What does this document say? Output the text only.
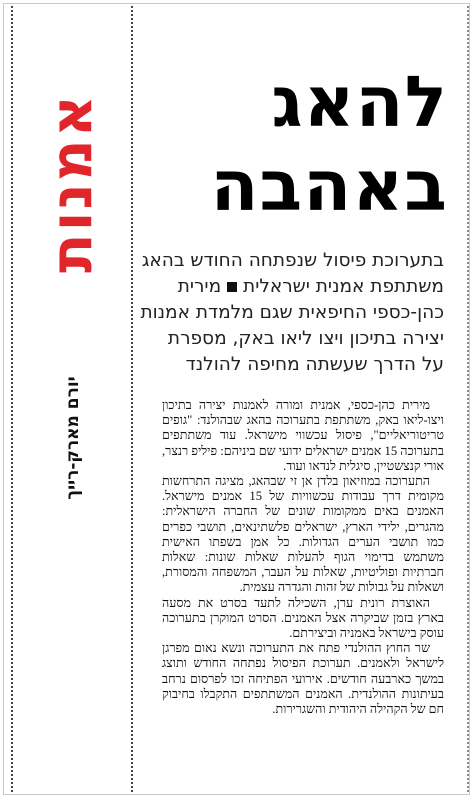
אמנות
יורם מארק-רייך
להאג
באהבה
בתערוכת פיסול שנפתחה החודש בהאג משתתפת אמנית ישראלית מירית כהן-כספי החיפאית שגם מלמדת אמנות יצירה בתיכון ויצו ליאו באק, מספרת על הדרך שעשתה מחיפה להולנד

מירית כהן-כספי, אמנית ומורה לאמנות יצירה בתיכון ויצו-ליאו באק, משתתפת בתערוכה בהאג שבהולנד: "גופים טריטוריאליים", פיסול עכשווי מישראל. עוד משתתפים בתערוכה 15 אמנים ישראלים ידועי שם ביניהם: פיליפ רנצר, אורי קנצשטיין, סיגלית לנדאו ועוד.

התערוכה במוזיאון בלדן אן זי שבהאג, מציגה התרחשות מקומית דרך עבודות עכשוויות של 15 אמנים מישראל. האמנים באים ממקומות שונים של החברה הישראלית: מהגרים, ילידי הארץ, ישראלים פלשתינאים, תושבי כפרים כמו תושבי הערים הגדולות. כל אמן בשפתו האישית משתמש בדימוי הגוף להעלות שאלות שונות: שאלות חברתיות ופוליטיות, שאלות על העבר, המשפחה והמסורת, ושאלות על גבולות של זהות והגדרה עצמית.

האוצרת רונית ערן, השכילה לתעד בסרט את מסעה בארץ בזמן שביקרה אצל האמנים. הסרט המוקרן בתערוכה עוסק בישראל באמניה וביצירתם.

שר החוץ ההולנדי פתח את התערוכה ונשא נאום מפרגן לישראל ולאמנים. תערוכת הפיסול נפתחה החודש ותוצג במשך כארבעה חודשים. אירועי הפתיחה זכו לפרסום נרחב בעיתונות ההולנדית. האמנים המשתתפים התקבלו בחיבוק חם של הקהילה היהודית והשגרירות.
